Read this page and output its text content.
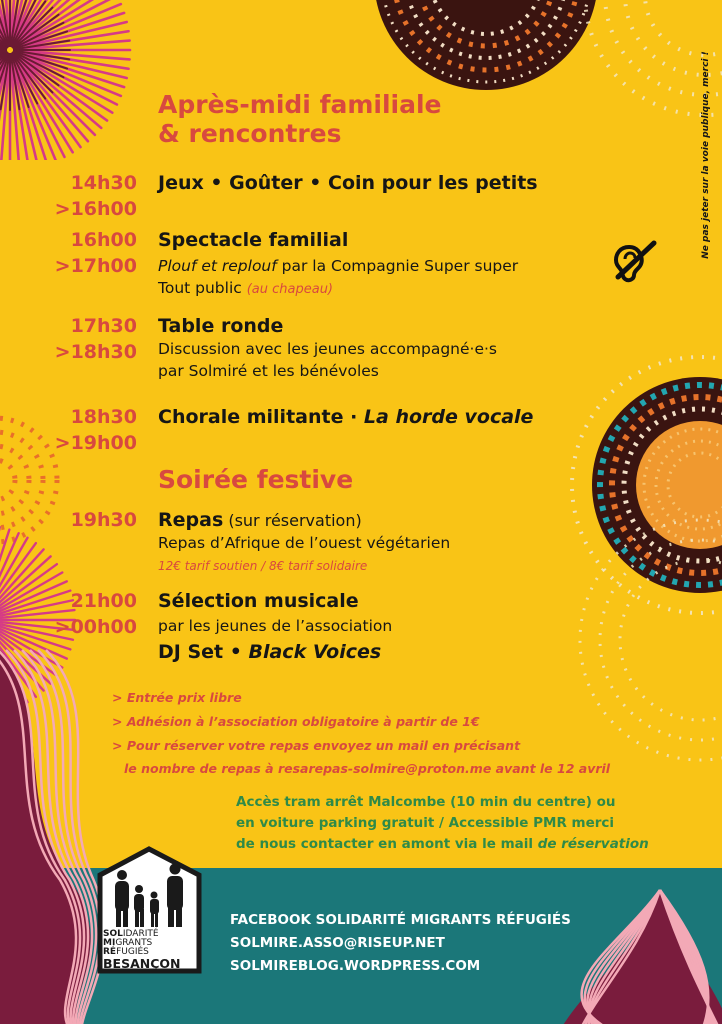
Ne pas jeter sur la voie publique, merci !
Après-midi familiale
& rencontres
14h30
>16h00
Jeux • Goûter • Coin pour les petits
16h00
>17h00
Spectacle familial
Plouf et replouf par la Compagnie Super super
Tout public (au chapeau)
17h30
>18h30
Table ronde
Discussion avec les jeunes accompagné·e·s
par Solmiré et les bénévoles
18h30
>19h00
Chorale militante · La horde vocale
Soirée festive
19h30 Repas (sur réservation)
Repas d’Afrique de l’ouest végétarien
12€ tarif soutien / 8€ tarif solidaire
21h00
>00h00
Sélection musicale
par les jeunes de l’association
DJ Set • Black Voices
> Entrée prix libre
> Adhésion à l’association obligatoire à partir de 1€
> Pour réserver votre repas envoyez un mail en précisant
le nombre de repas à resarepas-solmire@proton.me avant le 12 avril
Accès tram arrêt Malcombe (10 min du centre) ou
en voiture parking gratuit / Accessible PMR merci
de nous contacter en amont via le mail de réservation
SOLIDARITÉ
MIGRANTS
RÉFUGIÉS
BESANÇON
FACEBOOK SOLIDARITÉ MIGRANTS RÉFUGIÉS
SOLMIRE.ASSO@RISEUP.NET
SOLMIREBLOG.WORDPRESS.COM
